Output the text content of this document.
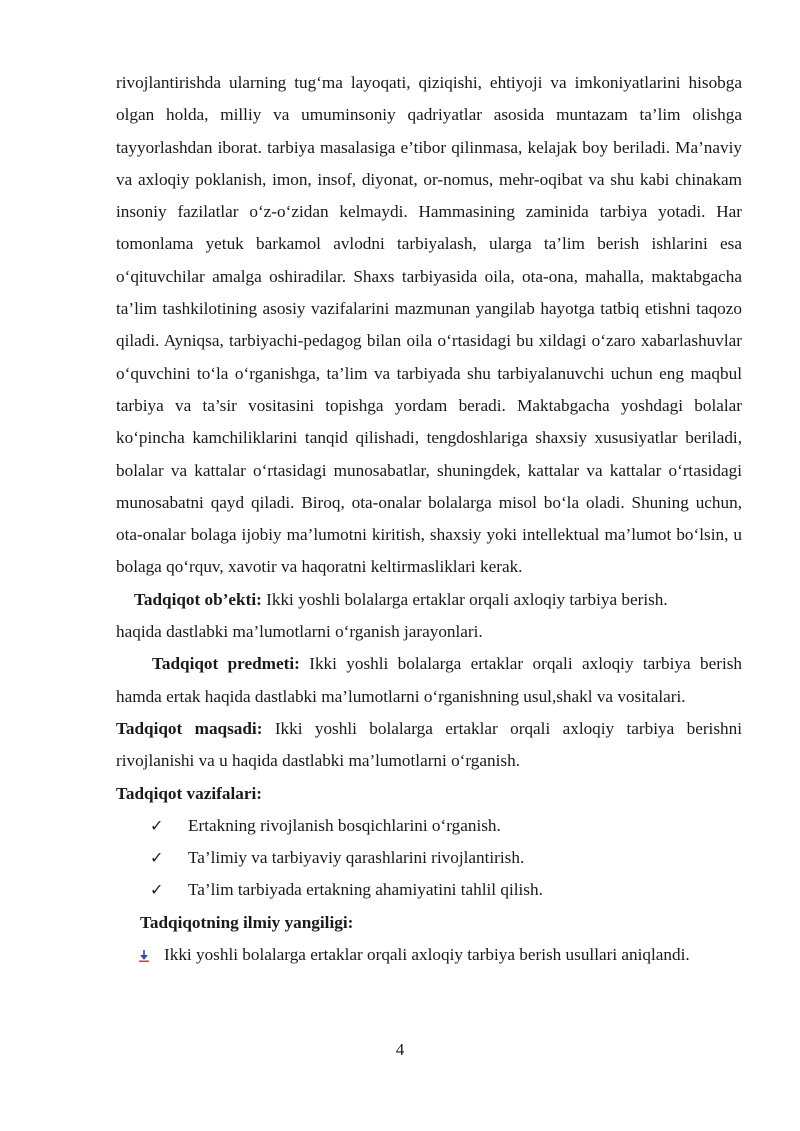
rivojlantirishda ularning tug‘ma layoqati, qiziqishi, ehtiyoji va imkoniyatlarini hisobga olgan holda, milliy va umuminsoniy qadriyatlar asosida muntazam ta’lim olishga tayyorlashdan iborat. tarbiya masalasiga e’tibor qilinmasa, kelajak boy beriladi. Ma’naviy va axloqiy poklanish, imon, insof, diyonat, or-nomus, mehr-oqibat va shu kabi chinakam insoniy fazilatlar o‘z-o‘zidan kelmaydi. Hammasining zaminida tarbiya yotadi. Har tomonlama yetuk barkamol avlodni tarbiyalash, ularga ta’lim berish ishlarini esa o‘qituvchilar amalga oshiradilar. Shaxs tarbiyasida oila, ota-ona, mahalla, maktabgacha ta’lim tashkilotining asosiy vazifalarini mazmunan yangilab hayotga tatbiq etishni taqozo qiladi. Ayniqsa, tarbiyachi-pedagog bilan oila o‘rtasidagi bu xildagi o‘zaro xabarlashuvlar o‘quvchini to‘la o‘rganishga, ta’lim va tarbiyada shu tarbiyalanuvchi uchun eng maqbul tarbiya va ta’sir vositasini topishga yordam beradi. Maktabgacha yoshdagi bolalar ko‘pincha kamchiliklarini tanqid qilishadi, tengdoshlariga shaxsiy xususiyatlar beriladi, bolalar va kattalar o‘rtasidagi munosabatlar, shuningdek, kattalar va kattalar o‘rtasidagi munosabatni qayd qiladi. Biroq, ota-onalar bolalarga misol bo‘la oladi. Shuning uchun, ota-onalar bolaga ijobiy ma’lumotni kiritish, shaxsiy yoki intellektual ma’lumot bo‘lsin, u bolaga qo‘rquv, xavotir va haqoratni keltirmasliklari kerak.

Tadqiqot ob’ekti: Ikki yoshli bolalarga ertaklar orqali axloqiy tarbiya berish.

haqida dastlabki ma’lumotlarni o‘rganish jarayonlari.

Tadqiqot predmeti: Ikki yoshli bolalarga ertaklar orqali axloqiy tarbiya berish hamda ertak haqida dastlabki ma’lumotlarni o‘rganishning usul,shakl va vositalari.

Tadqiqot maqsadi: Ikki yoshli bolalarga ertaklar orqali axloqiy tarbiya berishni rivojlanishi va u haqida dastlabki ma’lumotlarni o‘rganish.

Tadqiqot vazifalari:

✓ Ertakning rivojlanish bosqichlarini o‘rganish.
✓ Ta’limiy va tarbiyaviy qarashlarini rivojlantirish.
✓ Ta’lim tarbiyada ertakning ahamiyatini tahlil qilish.

Tadqiqotning ilmiy yangiligi:

Ikki yoshli bolalarga ertaklar orqali axloqiy tarbiya berish usullari aniqlandi.
4
